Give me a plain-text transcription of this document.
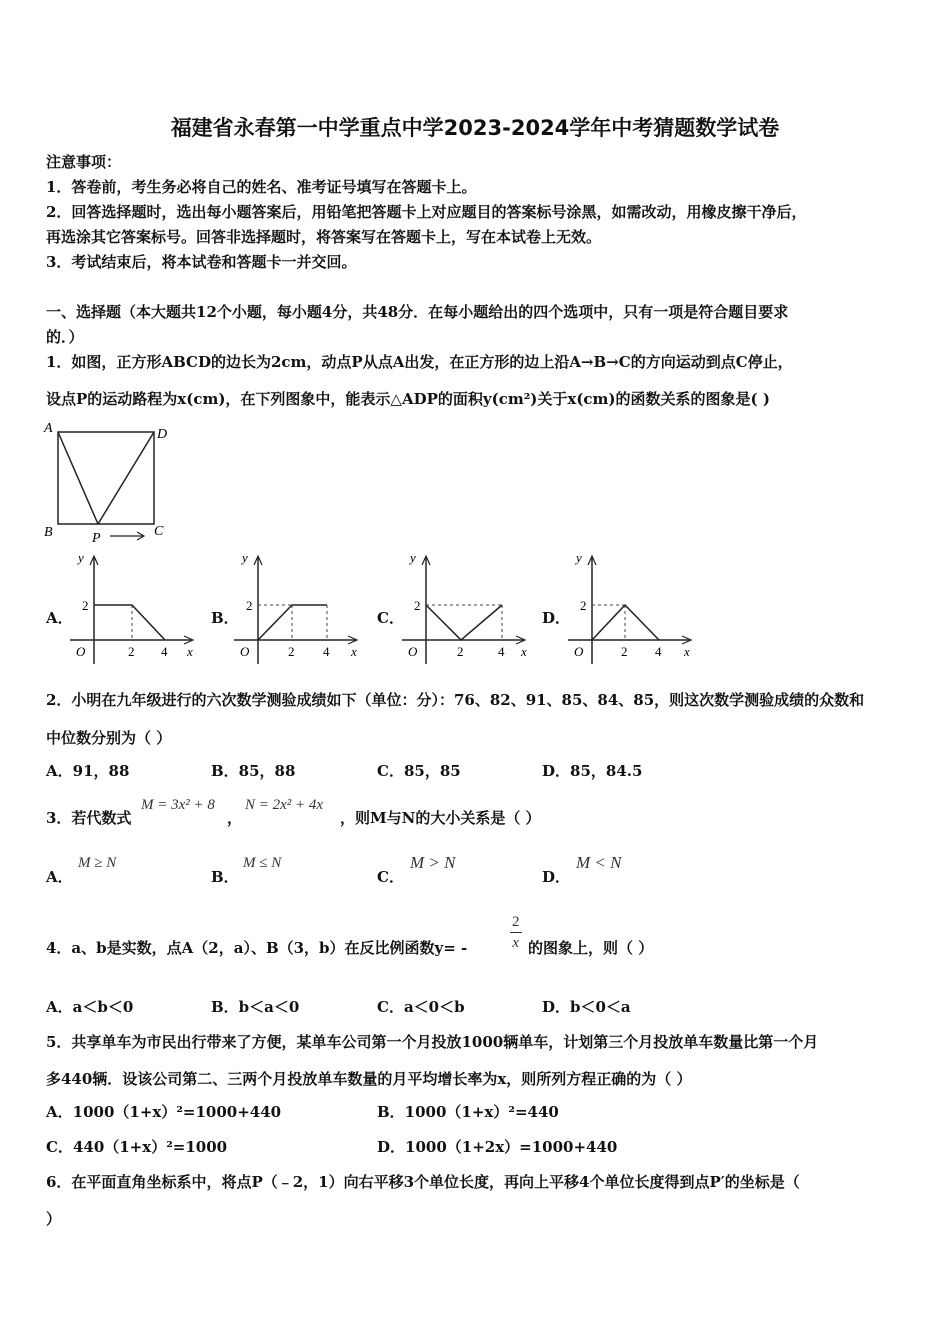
福建省永春第一中学重点中学2023-2024学年中考猜题数学试卷
注意事项：
1．答卷前，考生务必将自己的姓名、准考证号填写在答题卡上。
2．回答选择题时，选出每小题答案后，用铅笔把答题卡上对应题目的答案标号涂黑，如需改动，用橡皮擦干净后，
再选涂其它答案标号。回答非选择题时，将答案写在答题卡上，写在本试卷上无效。
3．考试结束后，将本试卷和答题卡一并交回。
一、选择题（本大题共12个小题，每小题4分，共48分．在每小题给出的四个选项中，只有一项是符合题目要求
的．）
1．如图，正方形ABCD的边长为2cm，动点P从点A出发，在正方形的边上沿A→B→C的方向运动到点C停止，
设点P的运动路程为x(cm)，在下列图象中，能表示△ADP的面积y(cm²)关于x(cm)的函数关系的图象是( )
A	D
B	C
P
A．
y
2
O	2 4 x
B．
y
2
O	2 4 x
C．
y
2
O	2	4 x
D．
y
2
O	2 4 x
2．小明在九年级进行的六次数学测验成绩如下（单位：分）：76、82、91、85、84、85，则这次数学测验成绩的众数和
中位数分别为（ ）
A．91，88	B．85，88	C．85，85	D．85，84.5
3．若代数式
M = 3x² + 8
，
N = 2x² + 4x
，则M与N的大小关系是（ ）
A．
M ≥ N
B．
M ≤ N
C．
M > N
D．
M < N
4．a、b是实数，点A（2，a）、B（3，b）在反比例函数y= -	$\frac{2}{x}$ 的图象上，则（ ）
A．a＜b＜0	B．b＜a＜0	C．a＜0＜b	D．b＜0＜a
5．共享单车为市民出行带来了方便，某单车公司第一个月投放1000辆单车，计划第三个月投放单车数量比第一个月
多440辆．设该公司第二、三两个月投放单车数量的月平均增长率为x，则所列方程正确的为（ ）
A．1000（1+x）²=1000+440	B．1000（1+x）²=440
C．440（1+x）²=1000	D．1000（1+2x）=1000+440
6．在平面直角坐标系中，将点P（﹣2，1）向右平移3个单位长度，再向上平移4个单位长度得到点P′的坐标是（
）
